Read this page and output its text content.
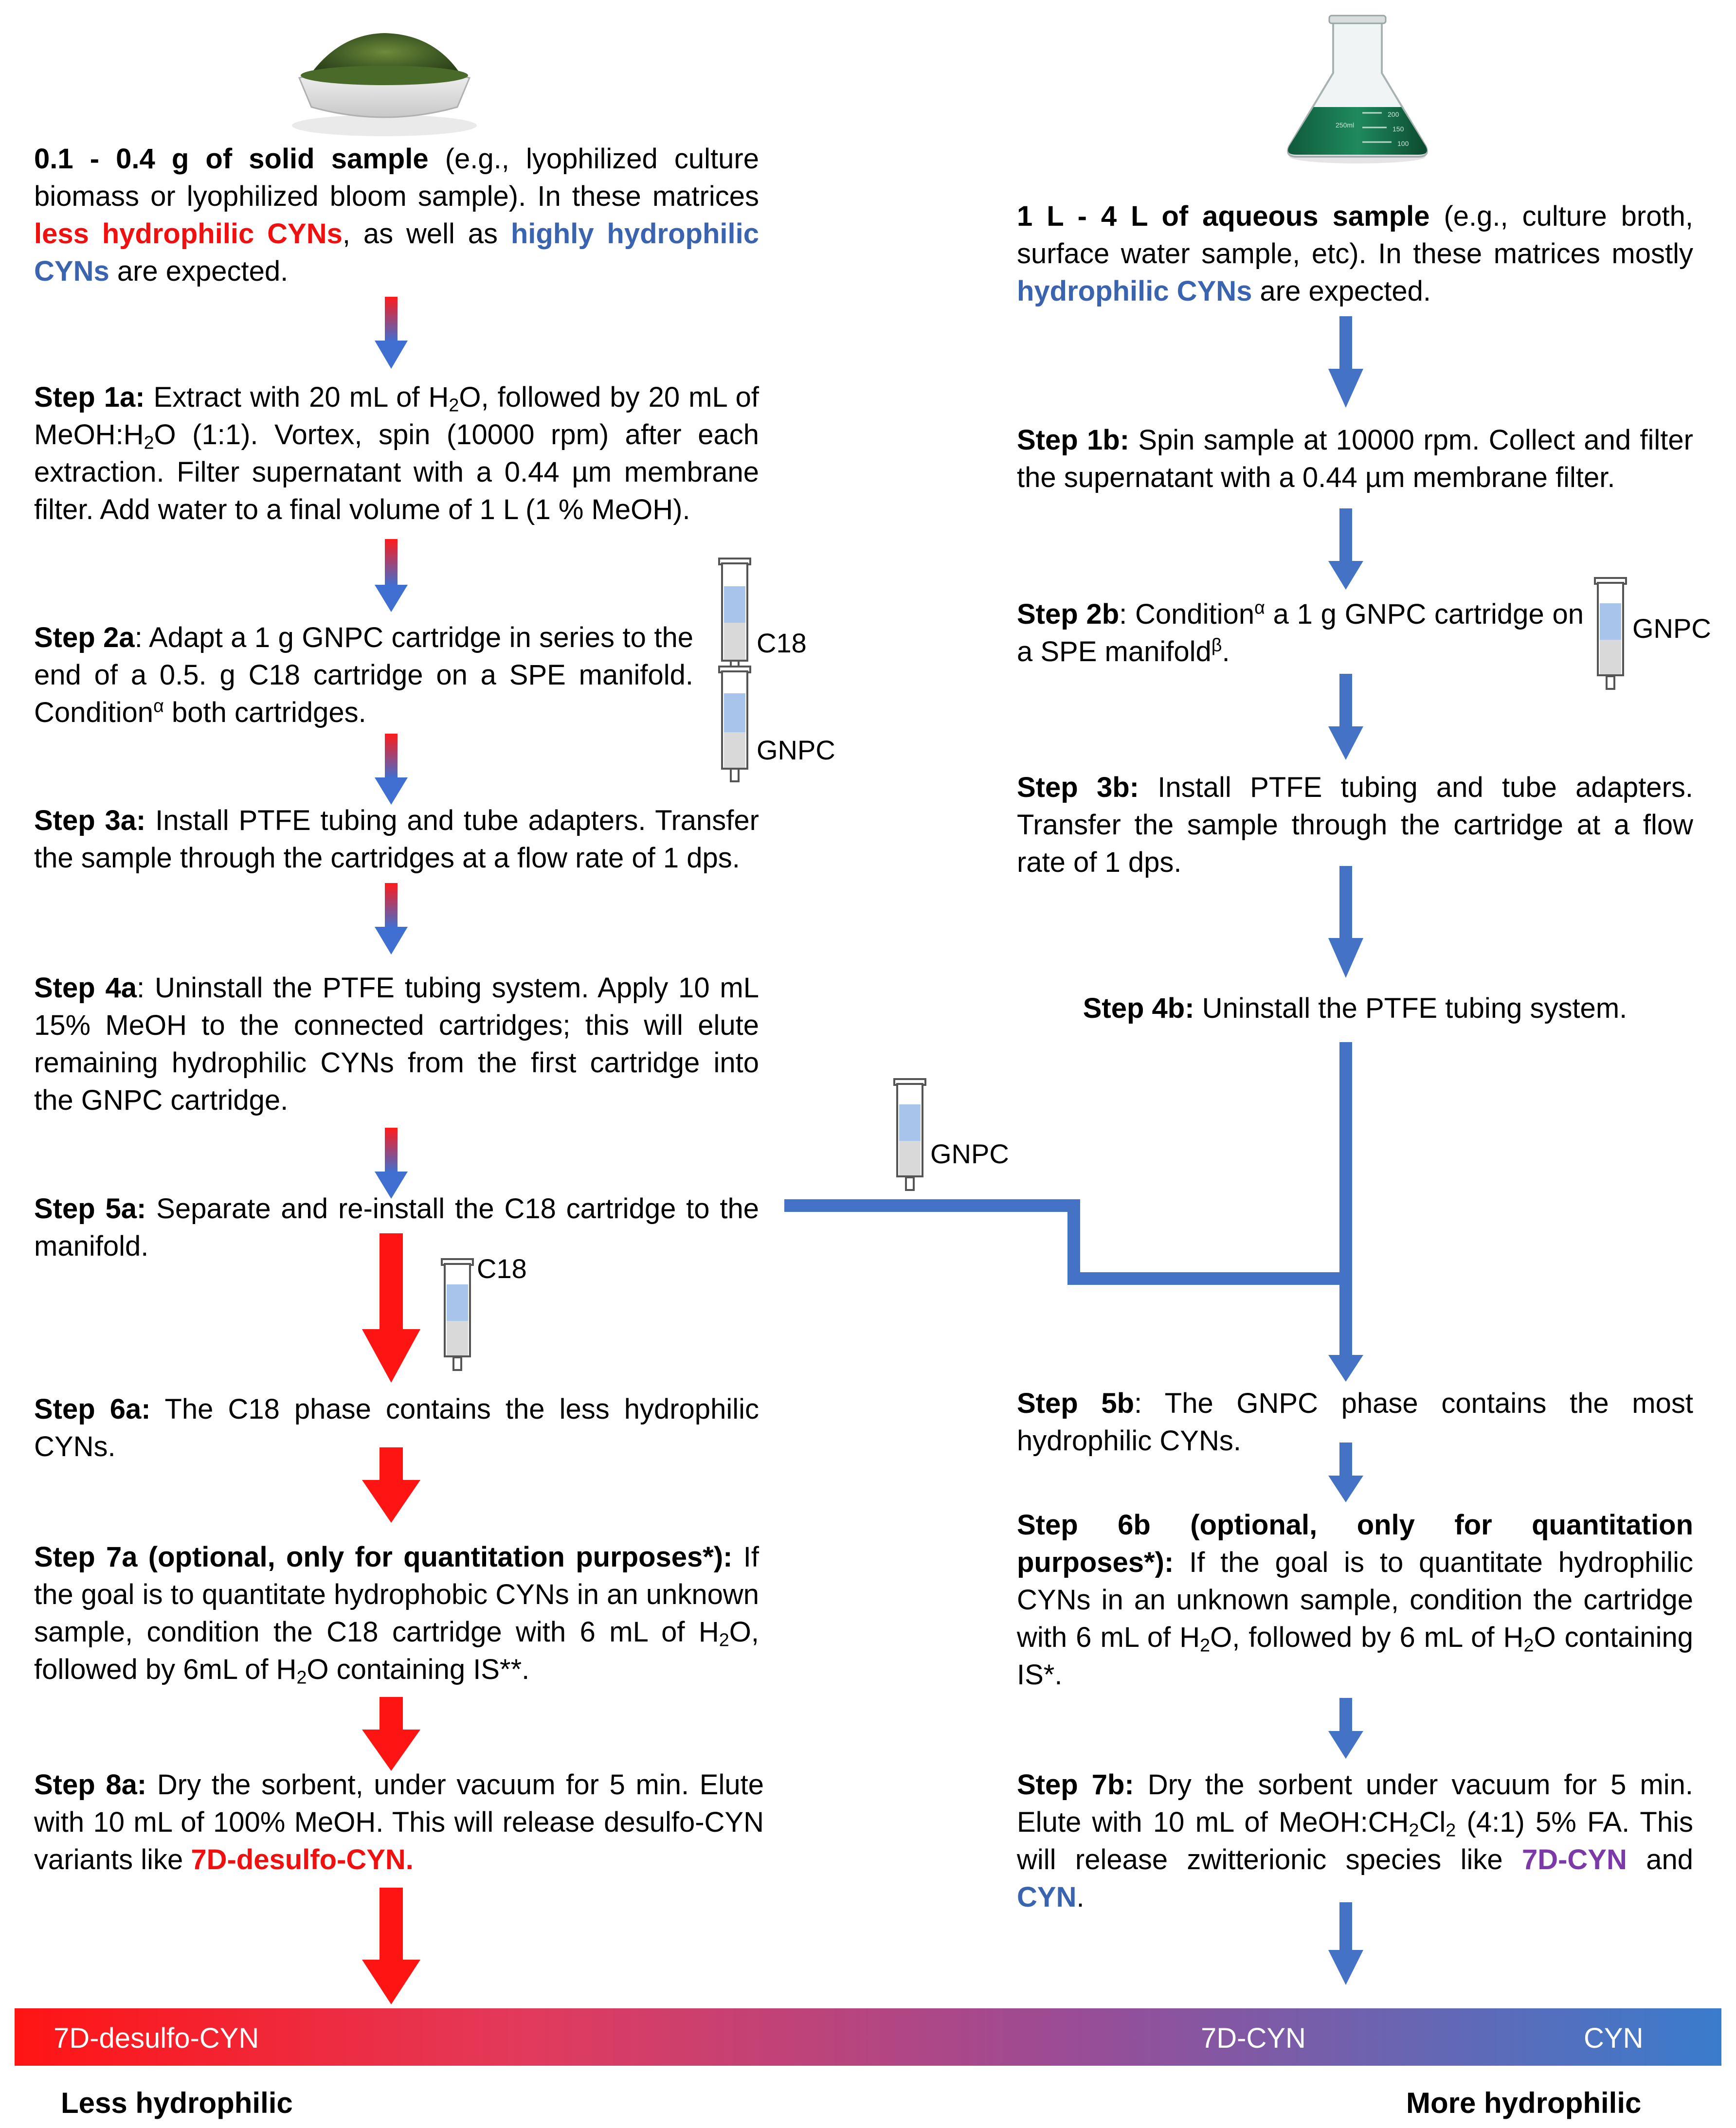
200
150
100
250ml
C18
GNPC
GNPC
GNPC
C18
0.1 - 0.4 g of solid sample (e.g., lyophilized culture biomass or lyophilized bloom sample). In these matrices less hydrophilic CYNs, as well as highly hydrophilic CYNs are expected.
Step 1a: Extract with 20 mL of $H_2O$, followed by 20 mL of $MeOH:H_2O$ (1:1). Vortex, spin (10000 rpm) after each extraction. Filter supernatant with a 0.44 µm membrane filter. Add water to a final volume of 1 L (1 % MeOH).
Step 2a: Adapt a 1 g GNPC cartridge in series to the end of a 0.5. g C18 cartridge on a SPE manifold. Condition$^\alpha$ both cartridges.
Step 3a: Install PTFE tubing and tube adapters. Transfer the sample through the cartridges at a flow rate of 1 dps.
Step 4a: Uninstall the PTFE tubing system. Apply 10 mL 15% MeOH to the connected cartridges; this will elute remaining hydrophilic CYNs from the first cartridge into the GNPC cartridge.
Step 5a: Separate and re-install the C18 cartridge to the manifold.
Step 6a: The C18 phase contains the less hydrophilic CYNs.
Step 7a (optional, only for quantitation purposes*): If the goal is to quantitate hydrophobic CYNs in an unknown sample, condition the C18 cartridge with 6 mL of $H_2O$, followed by 6mL of $H_2O$ containing IS**.
Step 8a: Dry the sorbent, under vacuum for 5 min. Elute with 10 mL of 100% MeOH. This will release desulfo-CYN variants like 7D-desulfo-CYN.
1 L - 4 L of aqueous sample (e.g., culture broth, surface water sample, etc). In these matrices mostly hydrophilic CYNs are expected.
Step 1b: Spin sample at 10000 rpm. Collect and filter the supernatant with a 0.44 µm membrane filter.
Step 2b: Condition$^\alpha$ a 1 g GNPC cartridge on a SPE manifold$^\beta$.
Step 3b: Install PTFE tubing and tube adapters. Transfer the sample through the cartridge at a flow rate of 1 dps.
Step 4b: Uninstall the PTFE tubing system.
Step 5b: The GNPC phase contains the most hydrophilic CYNs.
Step 6b (optional, only for quantitation purposes*): If the goal is to quantitate hydrophilic CYNs in an unknown sample, condition the cartridge with 6 mL of $H_2O$, followed by 6 mL of $H_2O$ containing IS*.
Step 7b: Dry the sorbent under vacuum for 5 min. Elute with 10 mL of $MeOH:CH_2Cl_2$ (4:1) 5% FA. This will release zwitterionic species like 7D-CYN and CYN.
7D-desulfo-CYN	7D-CYN	CYN
Less hydrophilic	More hydrophilic
